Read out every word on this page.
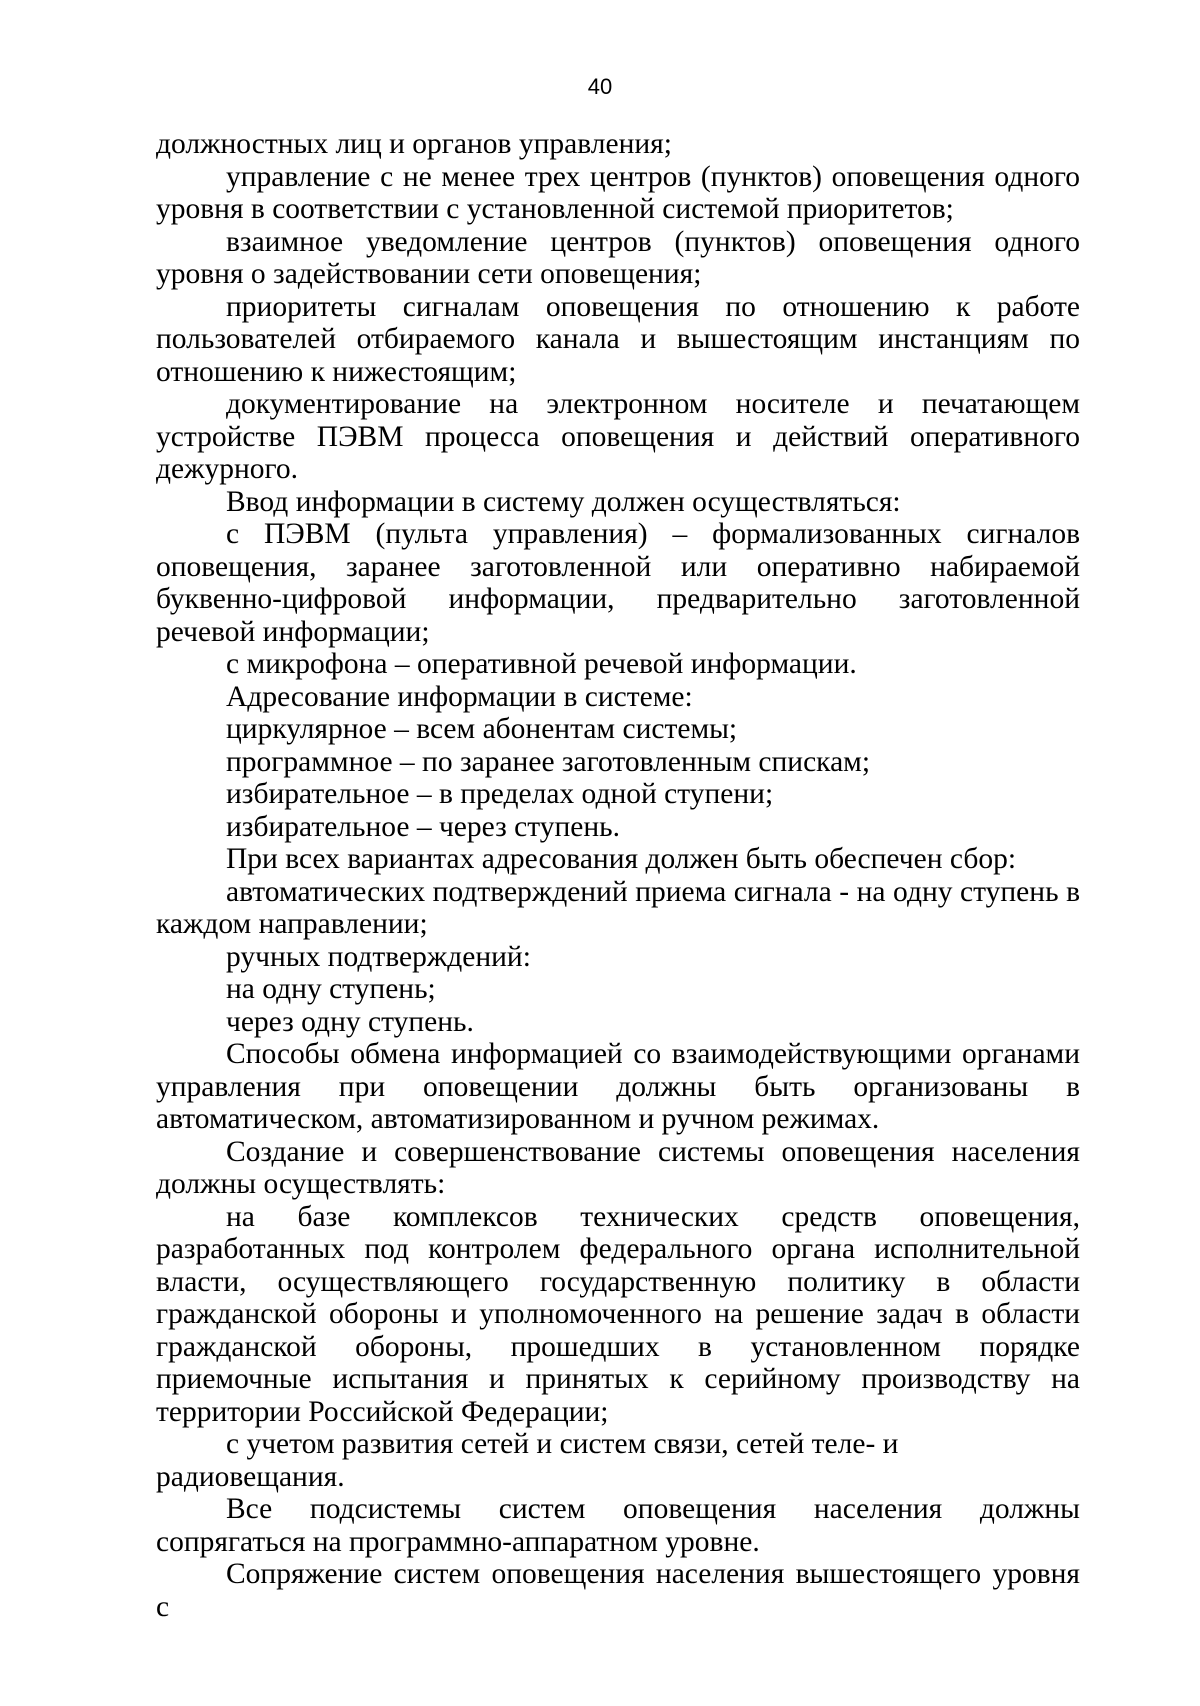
40

должностных лиц и органов управления;

управление с не менее трех центров (пунктов) оповещения одного уровня в соответствии с установленной системой приоритетов;

взаимное уведомление центров (пунктов) оповещения одного уровня о задействовании сети оповещения;

приоритеты сигналам оповещения по отношению к работе пользователей отбираемого канала и вышестоящим инстанциям по отношению к нижестоящим;

документирование на электронном носителе и печатающем устройстве ПЭВМ процесса оповещения и действий оперативного дежурного.

Ввод информации в систему должен осуществляться:

с ПЭВМ (пульта управления) – формализованных сигналов оповещения, заранее заготовленной или оперативно набираемой буквенно-цифровой информации, предварительно заготовленной речевой информации;

с микрофона – оперативной речевой информации.

Адресование информации в системе:

циркулярное – всем абонентам системы;

программное – по заранее заготовленным спискам;

избирательное – в пределах одной ступени;

избирательное – через ступень.

При всех вариантах адресования должен быть обеспечен сбор:

автоматических подтверждений приема сигнала - на одну ступень в каждом направлении;

ручных подтверждений:

на одну ступень;

через одну ступень.

Способы обмена информацией со взаимодействующими органами управления при оповещении должны быть организованы в автоматическом, автоматизированном и ручном режимах.

Создание и совершенствование системы оповещения населения должны осуществлять:

на базе комплексов технических средств оповещения, разработанных под контролем федерального органа исполнительной власти, осуществляющего государственную политику в области гражданской обороны и уполномоченного на решение задач в области гражданской обороны, прошедших в установленном порядке приемочные испытания и принятых к серийному производству на территории Российской Федерации;

с учетом развития сетей и систем связи, сетей теле- и радиовещания.

Все подсистемы систем оповещения населения должны сопрягаться на программно-аппаратном уровне.

Сопряжение систем оповещения населения вышестоящего уровня с
